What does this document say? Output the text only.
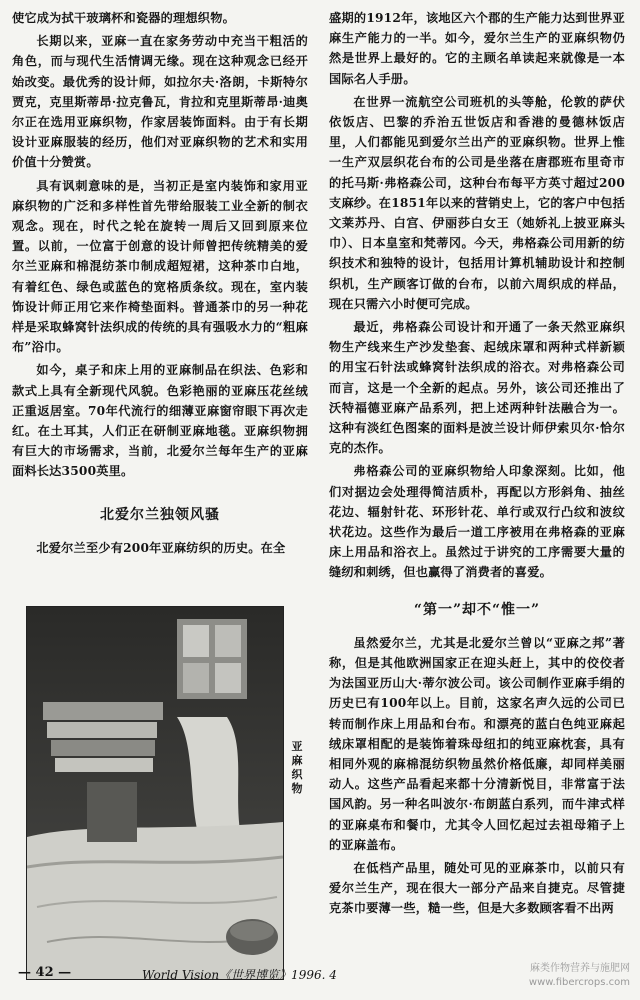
使它成为拭干玻璃杯和瓷器的理想织物。

长期以来，亚麻一直在家务劳动中充当干粗活的角色，而与现代生活情调无缘。现在这种观念已经开始改变。最优秀的设计师，如拉尔夫·洛朗，卡斯特尔贾克，克里斯蒂昂·拉克鲁瓦，肯拉和克里斯蒂昂·迪奥尔正在选用亚麻织物，作家居装饰面料。由于有长期设计亚麻服装的经历，他们对亚麻织物的艺术和实用价值十分赞赏。

具有讽刺意味的是，当初正是室内装饰和家用亚麻织物的广泛和多样性首先带给服装工业全新的制衣观念。现在，时代之轮在旋转一周后又回到原来位置。以前，一位富于创意的设计师曾把传统精美的爱尔兰亚麻和棉混纺茶巾制成超短裙，这种茶巾白地，有着红色、绿色或蓝色的宽格质条纹。现在，室内装饰设计师正用它来作椅垫面料。普通茶巾的另一种花样是采取蜂窝针法织成的传统的具有强吸水力的“粗麻布”浴巾。

如今，桌子和床上用的亚麻制品在织法、色彩和款式上具有全新现代风貌。色彩艳丽的亚麻压花丝绒正重返居室。70年代流行的细薄亚麻窗帘眼下再次走红。在土耳其，人们正在研制亚麻地毯。亚麻织物拥有巨大的市场需求，当前，北爱尔兰每年生产的亚麻面料长达3500英里。

北爱尔兰独领风骚

北爱尔兰至少有200年亚麻纺织的历史。在全

亚麻织物

盛期的1912年，该地区六个郡的生产能力达到世界亚麻生产能力的一半。如今，爱尔兰生产的亚麻织物仍然是世界上最好的。它的主顾名单读起来就像是一本国际名人手册。

在世界一流航空公司班机的头等舱，伦敦的萨伏依饭店、巴黎的乔治五世饭店和香港的曼德林饭店里，人们都能见到爱尔兰出产的亚麻织物。世界上惟一生产双层织花台布的公司是坐落在唐郡班布里奇市的托马斯·弗格森公司，这种台布每平方英寸超过200支麻纱。在1851年以来的营销史上，它的客户中包括文莱苏丹、白宫、伊丽莎白女王（她娇礼上披亚麻头巾）、日本皇室和梵蒂冈。今天，弗格森公司用新的纺织技术和独特的设计，包括用计算机辅助设计和控制织机，生产顾客订做的台布，以前六周织成的样品，现在只需六小时便可完成。

最近，弗格森公司设计和开通了一条天然亚麻织物生产线来生产沙发垫套、起绒床罩和两种式样新颖的用宝石针法或蜂窝针法织成的浴衣。对弗格森公司而言，这是一个全新的起点。另外，该公司还推出了沃特福德亚麻产品系列，把上述两种针法融合为一。这种有淡红色图案的面料是波兰设计师伊索贝尔·恰尔克的杰作。

弗格森公司的亚麻织物给人印象深刻。比如，他们对据边会处理得简洁质朴，再配以方形斜角、抽丝花边、辐射针花、环形针花、单行或双行凸纹和波纹状花边。这些作为最后一道工序被用在弗格森的亚麻床上用品和浴衣上。虽然过于讲究的工序需要大量的缝纫和刺绣，但也赢得了消费者的喜爱。

“第一”却不“惟一”

虽然爱尔兰，尤其是北爱尔兰曾以“亚麻之邦”著称，但是其他欧洲国家正在迎头赶上，其中的佼佼者为法国亚历山大·蒂尔波公司。该公司制作亚麻手绢的历史已有100年以上。目前，这家名声久远的公司已转而制作床上用品和台布。和漂亮的蓝白色纯亚麻起绒床罩相配的是装饰着珠母纽扣的纯亚麻枕套，具有相同外观的麻棉混纺织物虽然价格低廉，却同样美丽动人。这些产品看起来都十分清新悦目，非常富于法国风韵。另一种名叫波尔·布朗蓝白系列，而牛津式样的亚麻桌布和餐巾，尤其令人回忆起过去祖母箱子上的亚麻盖布。

在低档产品里，随处可见的亚麻茶巾，以前只有爱尔兰生产，现在很大一部分产品来自捷克。尽管捷克茶巾要薄一些，糙一些，但是大多数顾客看不出两

— 42 —	World Vision《世界博览》1996. 4	麻类作物营养与施肥网
www.fibercrops.com
